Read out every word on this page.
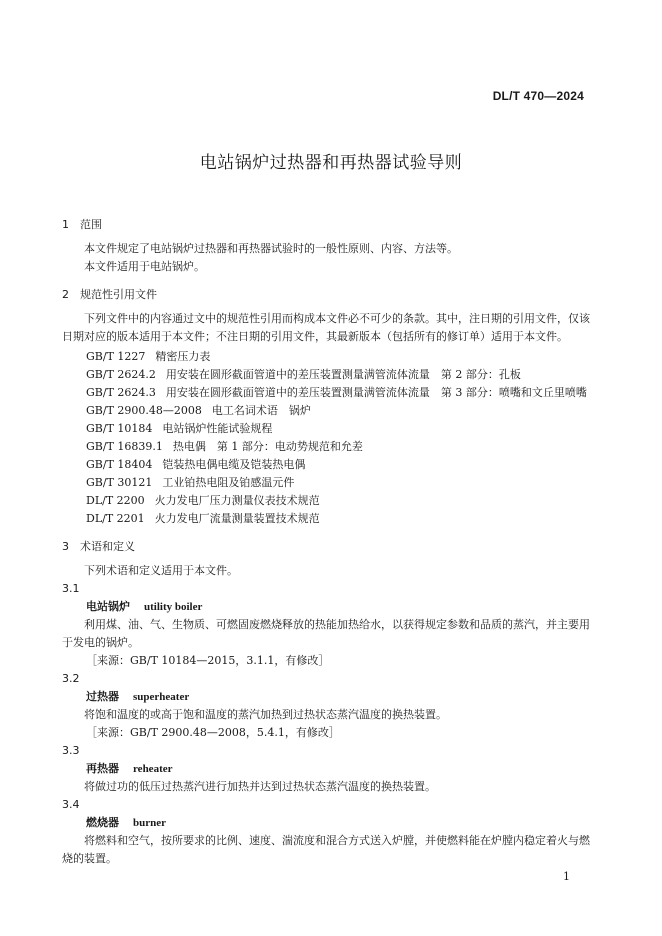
DL/T 470—2024
电站锅炉过热器和再热器试验导则
1 范围

本文件规定了电站锅炉过热器和再热器试验时的一般性原则、内容、方法等。

本文件适用于电站锅炉。

2 规范性引用文件

下列文件中的内容通过文中的规范性引用而构成本文件必不可少的条款。其中，注日期的引用文件，仅该日期对应的版本适用于本文件；不注日期的引用文件，其最新版本（包括所有的修订单）适用于本文件。

GB/T 1227 精密压力表

GB/T 2624.2 用安装在圆形截面管道中的差压装置测量满管流体流量　第 2 部分：孔板

GB/T 2624.3 用安装在圆形截面管道中的差压装置测量满管流体流量　第 3 部分：喷嘴和文丘里喷嘴

GB/T 2900.48—2008 电工名词术语　锅炉

GB/T 10184 电站锅炉性能试验规程

GB/T 16839.1 热电偶　第 1 部分：电动势规范和允差

GB/T 18404 铠装热电偶电缆及铠装热电偶

GB/T 30121 工业铂热电阻及铂感温元件

DL/T 2200 火力发电厂压力测量仪表技术规范

DL/T 2201 火力发电厂流量测量装置技术规范

3 术语和定义

下列术语和定义适用于本文件。

3.1
电站锅炉 utility boiler

利用煤、油、气、生物质、可燃固废燃烧释放的热能加热给水，以获得规定参数和品质的蒸汽，并主要用于发电的锅炉。

［来源：GB/T 10184—2015，3.1.1，有修改］

3.2
过热器 superheater

将饱和温度的或高于饱和温度的蒸汽加热到过热状态蒸汽温度的换热装置。

［来源：GB/T 2900.48—2008，5.4.1，有修改］

3.3
再热器 reheater

将做过功的低压过热蒸汽进行加热并达到过热状态蒸汽温度的换热装置。

3.4
燃烧器 burner

将燃料和空气，按所要求的比例、速度、湍流度和混合方式送入炉膛，并使燃料能在炉膛内稳定着火与燃烧的装置。

1
